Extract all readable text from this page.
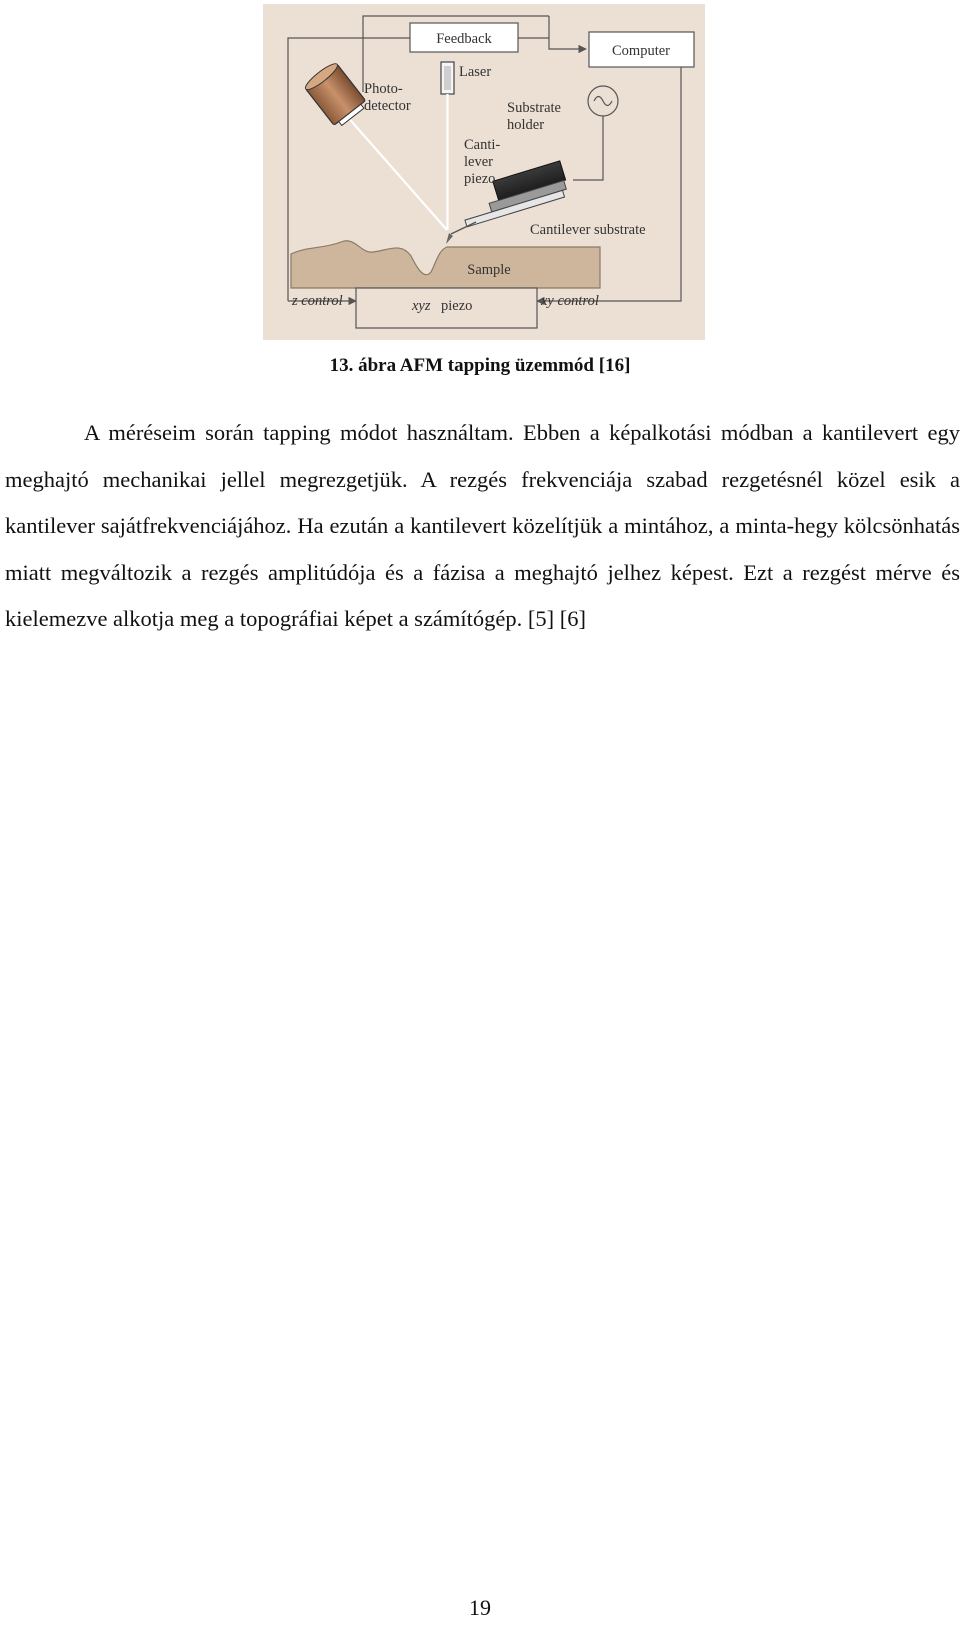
Feedback
Computer
Laser
Photo-
detector	Substrate
holder
Canti-
lever
piezo
Cantilever substrate
Sample
xyz piezo
z control	xy control
13. ábra AFM tapping üzemmód [16]

A méréseim során tapping módot használtam. Ebben a képalkotási módban a kantilevert egy meghajtó mechanikai jellel megrezgetjük. A rezgés frekvenciája szabad rezgetésnél közel esik a kantilever sajátfrekvenciájához. Ha ezután a kantilevert közelítjük a mintához, a minta-hegy kölcsönhatás miatt megváltozik a rezgés amplitúdója és a fázisa a meghajtó jelhez képest. Ezt a rezgést mérve és kielemezve alkotja meg a topográfiai képet a számítógép. [5] [6]

19
